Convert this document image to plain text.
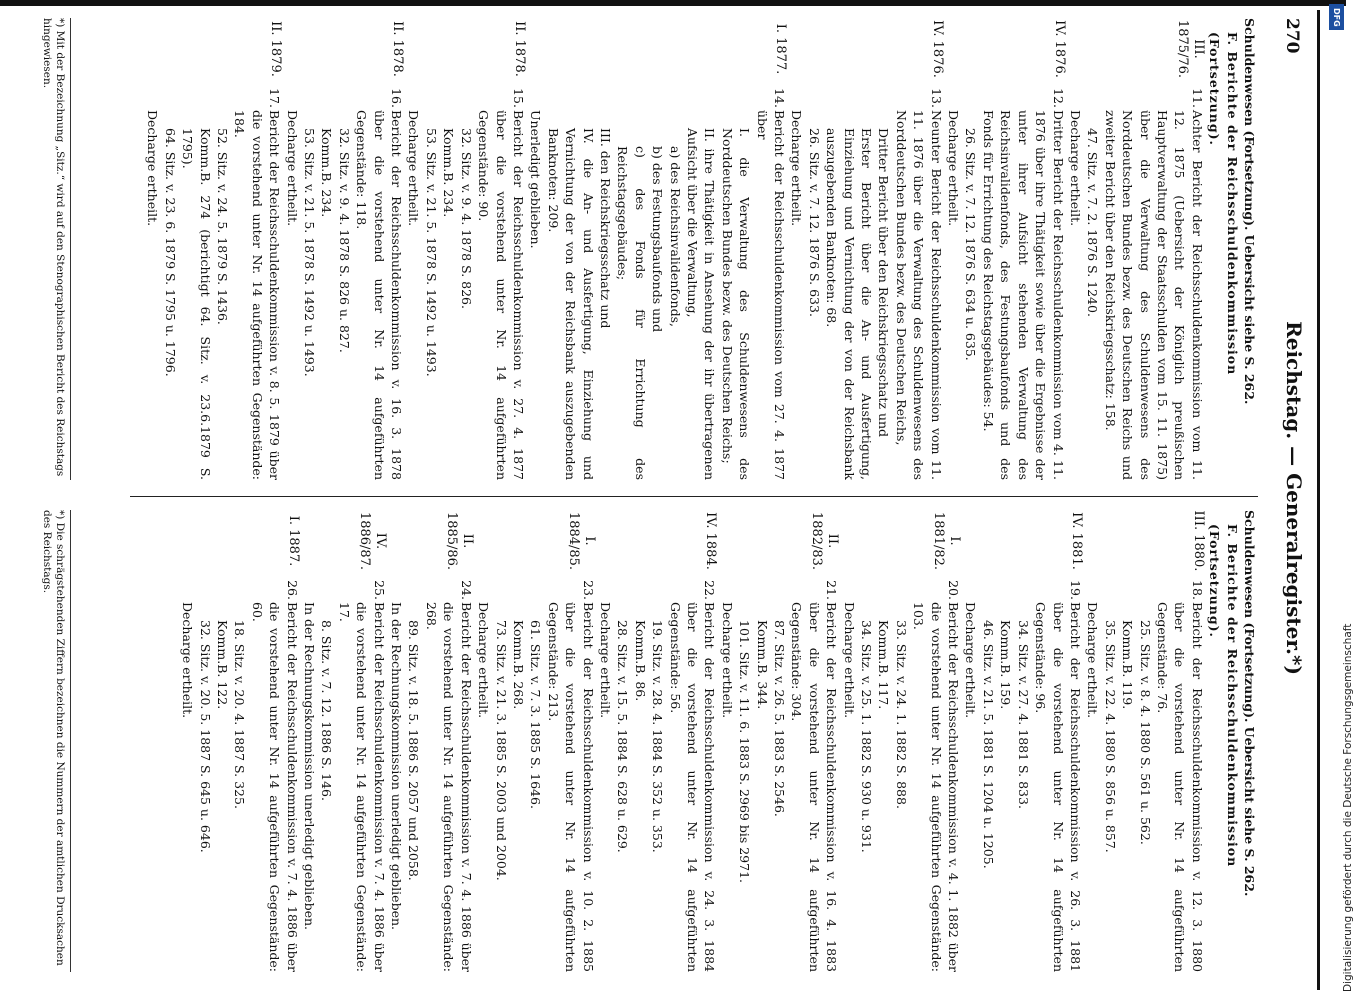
270
Reichstag. — Generalregister.*)
Schuldenwesen (Fortsetzung). Uebersicht siehe S. 262.
F. Berichte der Reichsschuldenkommission (Fortsetzung).
III. 1875/76.
11.
Achter Bericht der Reichsschuldenkommission vom 11. 12. 1875 (Uebersicht der Königlich preußischen Hauptverwaltung der Staatsschulden vom 15. 11. 1875) über die Verwaltung des Schuldenwesens des Norddeutschen Bundes bezw. des Deutschen Reichs und zweiter Bericht über den Reichskriegsschatz: 158.
47. Sitz. v. 7. 2. 1876 S. 1240.
Decharge ertheilt.
IV. 1876.
12.
Dritter Bericht der Reichsschuldenkommission vom 4. 11. 1876 über ihre Thätigkeit sowie über die Ergebnisse der unter ihrer Aufsicht stehenden Verwaltung des Reichsinvalidenfonds, des Festungsbaufonds und des Fonds für Errichtung des Reichstagsgebäudes: 54.
26. Sitz. v. 7. 12. 1876 S. 634 u. 635.
Decharge ertheilt.
IV. 1876.
13.
Neunter Bericht der Reichsschuldenkommission vom 11. 11. 1876 über die Verwaltung des Schuldenwesens des Norddeutschen Bundes bezw. des Deutschen Reichs,
Dritter Bericht über den Reichskriegsschatz und
Erster Bericht über die An- und Ausfertigung, Einziehung und Vernichtung der von der Reichsbank auszugebenden Banknoten: 68.
26. Sitz. v. 7. 12. 1876 S. 633.
Decharge ertheilt.
I. 1877.
14.
Bericht der Reichsschuldenkommission vom 27. 4. 1877 über
I. die Verwaltung des Schuldenwesens des Norddeutschen Bundes bezw. des Deutschen Reichs;
II. ihre Thätigkeit in Ansehung der ihr übertragenen Aufsicht über die Verwaltung,
a) des Reichsinvalidenfonds,
b) des Festungsbaufonds und
c) des Fonds für Errichtung des Reichstagsgebäudes;
III. den Reichskriegsschatz und
IV. die An- und Ausfertigung, Einziehung und Vernichtung der von der Reichsbank auszugebenden Banknoten: 209.
Unerledigt geblieben.
II. 1878.
15.
Bericht der Reichsschuldenkommission v. 27. 4. 1877 über die vorstehend unter Nr. 14 aufgeführten Gegenstände: 90.
32. Sitz. v. 9. 4. 1878 S. 826.
Komm.B. 234.
53. Sitz. v. 21. 5. 1878 S. 1492 u. 1493.
Decharge ertheilt.
II. 1878.
16.
Bericht der Reichsschuldenkommission v. 16. 3. 1878 über die vorstehend unter Nr. 14 aufgeführten Gegenstände: 118.
32. Sitz. v. 9. 4. 1878 S. 826 u. 827.
Komm.B. 234.
53. Sitz. v. 21. 5. 1878 S. 1492 u. 1493.
Decharge ertheilt.
II. 1879.
17.
Bericht der Reichsschuldenkommission v. 8. 5. 1879 über die vorstehend unter Nr. 14 aufgeführten Gegenstände: 184.
52. Sitz. v. 24. 5. 1879 S. 1436.
Komm.B. 274 (berichtigt 64. Sitz. v. 23.6.1879 S. 1795).
64. Sitz. v. 23. 6. 1879 S. 1795 u. 1796.
Decharge ertheilt.
*) Mit der Bezeichnung „Sitz.“ wird auf den Stenographischen Bericht des Reichstags hingewiesen.
Schuldenwesen (Fortsetzung). Uebersicht siehe S. 262.
F. Berichte der Reichsschuldenkommission (Fortsetzung).
III. 1880.
18.
Bericht der Reichsschuldenkommission v. 12. 3. 1880 über die vorstehend unter Nr. 14 aufgeführten Gegenstände: 76.
25. Sitz. v. 8. 4. 1880 S. 561 u. 562.
Komm.B. 119.
35. Sitz. v. 22. 4. 1880 S. 856 u. 857.
Decharge ertheilt.
IV. 1881.
19.
Bericht der Reichsschuldenkommission v. 26. 3. 1881 über die vorstehend unter Nr. 14 aufgeführten Gegenstände: 96.
34. Sitz. v. 27. 4. 1881 S. 833.
Komm.B. 159.
46. Sitz. v. 21. 5. 1881 S. 1204 u. 1205.
Decharge ertheilt.
I. 1881/82.
20.
Bericht der Reichsschuldenkommission v. 4. 1. 1882 über die vorstehend unter Nr. 14 aufgeführten Gegenstände: 103.
33. Sitz. v. 24. 1. 1882 S. 888.
Komm.B. 117.
34. Sitz. v. 25. 1. 1882 S. 930 u. 931.
Decharge ertheilt.
II. 1882/83.
21.
Bericht der Reichsschuldenkommission v. 16. 4. 1883 über die vorstehend unter Nr. 14 aufgeführten Gegenstände: 304.
87. Sitz. v. 26. 5. 1883 S. 2546.
Komm.B. 344.
101. Sitz. v. 11. 6. 1883 S. 2969 bis 2971.
Decharge ertheilt.
IV. 1884.
22.
Bericht der Reichsschuldenkommission v. 24. 3. 1884 über die vorstehend unter Nr. 14 aufgeführten Gegenstände: 56.
19. Sitz. v. 28. 4. 1884 S. 352 u. 353.
Komm.B. 86.
28. Sitz. v. 15. 5. 1884 S. 628 u. 629.
Decharge ertheilt.
I. 1884/85.
23.
Bericht der Reichsschuldenkommission v. 10. 2. 1885 über die vorstehend unter Nr. 14 aufgeführten Gegenstände: 213.
61. Sitz. v. 7. 3. 1885 S. 1646.
Komm.B. 268.
73. Sitz. v. 21. 3. 1885 S. 2003 und 2004.
Decharge ertheilt.
II. 1885/86.
24.
Bericht der Reichsschuldenkommission v. 7. 4. 1886 über die vorstehend unter Nr. 14 aufgeführten Gegenstände: 268.
89. Sitz. v. 18. 5. 1886 S. 2057 und 2058.
In der Rechnungskommission unerledigt geblieben.
IV. 1886/87.
25.
Bericht der Reichsschuldenkommission v. 7. 4. 1886 über die vorstehend unter Nr. 14 aufgeführten Gegenstände: 17.
8. Sitz. v. 7. 12. 1886 S. 146.
In der Rechnungskommission unerledigt geblieben.
I. 1887.
26.
Bericht der Reichsschuldenkommission v. 7. 4. 1886 über die vorstehend unter Nr. 14 aufgeführten Gegenstände: 60.
18. Sitz. v. 20. 4. 1887 S. 325.
Komm.B. 122.
32. Sitz. v. 20. 5. 1887 S. 645 u. 646.
Decharge ertheilt.
*) Die schrägstehenden Ziffern bezeichnen die Nummern der amtlichen Drucksachen des Reichstags.
DFG
Digitalisierung gefördert durch die Deutsche Forschungsgemeinschaft
